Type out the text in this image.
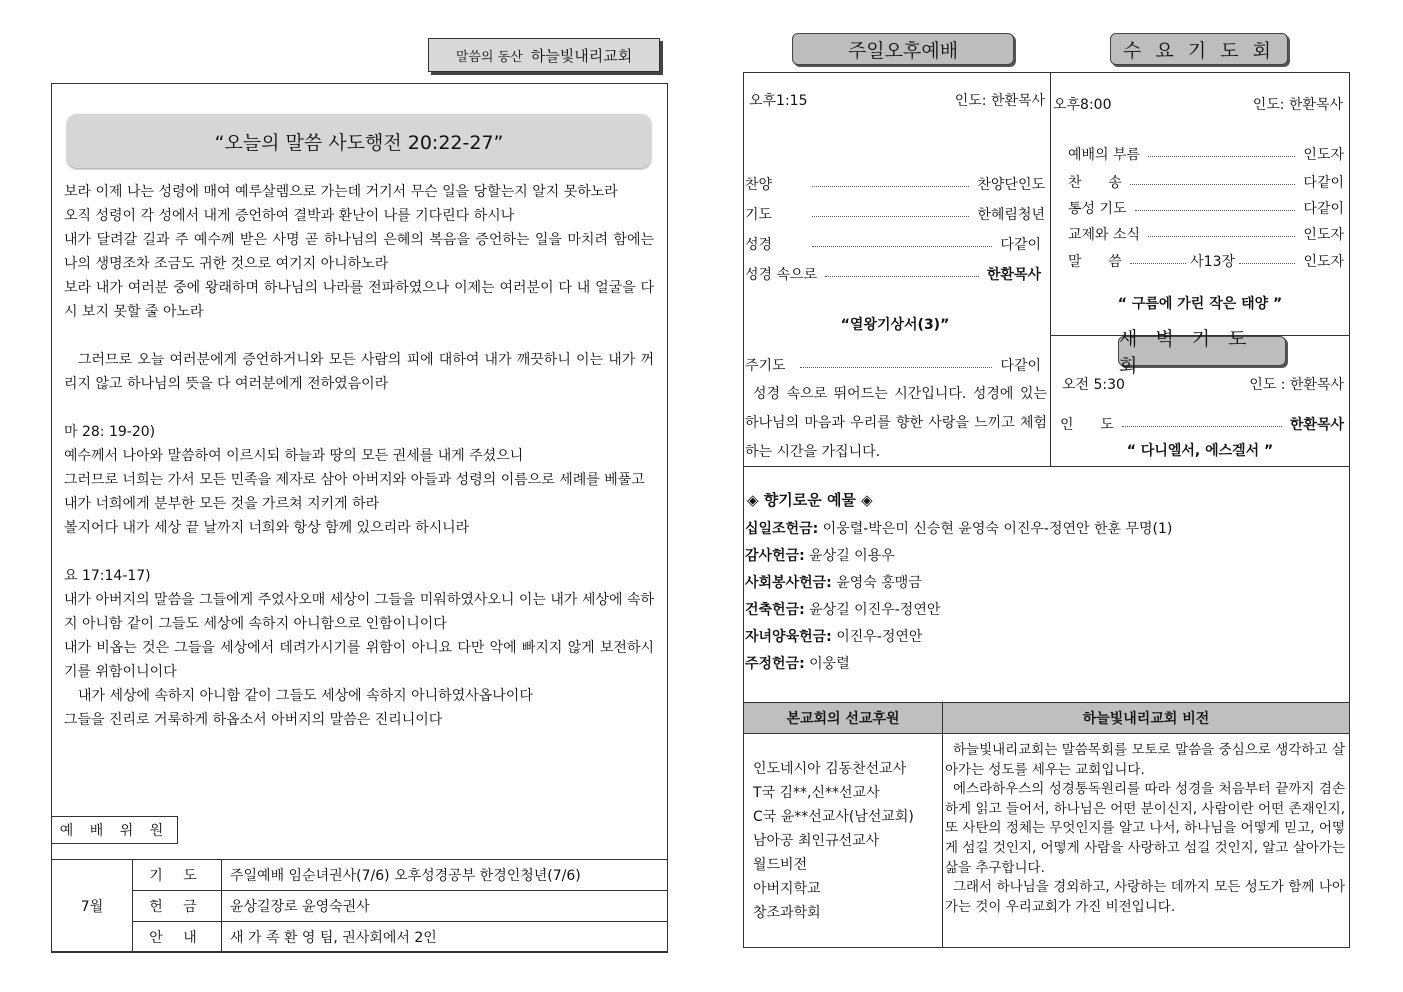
말씀의 동산 하늘빛내리교회
“오늘의 말씀 사도행전 20:22-27”

보라 이제 나는 성령에 매여 예루살렘으로 가는데 거기서 무슨 일을 당할는지 알지 못하노라

오직 성령이 각 성에서 내게 증언하여 결박과 환난이 나를 기다린다 하시나

내가 달려갈 길과 주 예수께 받은 사명 곧 하나님의 은혜의 복음을 증언하는 일을 마치려 함에는 나의 생명조차 조금도 귀한 것으로 여기지 아니하노라

보라 내가 여러분 중에 왕래하며 하나님의 나라를 전파하였으나 이제는 여러분이 다 내 얼굴을 다시 보지 못할 줄 아노라

그러므로 오늘 여러분에게 증언하거니와 모든 사람의 피에 대하여 내가 깨끗하니 이는 내가 꺼리지 않고 하나님의 뜻을 다 여러분에게 전하였음이라

마 28: 19-20)

예수께서 나아와 말씀하여 이르시되 하늘과 땅의 모든 권세를 내게 주셨으니

그러므로 너희는 가서 모든 민족을 제자로 삼아 아버지와 아들과 성령의 이름으로 세례를 베풀고

내가 너희에게 분부한 모든 것을 가르쳐 지키게 하라

볼지어다 내가 세상 끝 날까지 너희와 항상 함께 있으리라 하시니라

요 17:14-17)

내가 아버지의 말씀을 그들에게 주었사오매 세상이 그들을 미워하였사오니 이는 내가 세상에 속하지 아니함 같이 그들도 세상에 속하지 아니함으로 인함이니이다

내가 비옵는 것은 그들을 세상에서 데려가시기를 위함이 아니요 다만 악에 빠지지 않게 보전하시기를 위함이니이다

내가 세상에 속하지 아니함 같이 그들도 세상에 속하지 아니하였사옵나이다

그들을 진리로 거룩하게 하옵소서 아버지의 말씀은 진리니이다

예 배 위 원
7월	기 도	주일예배 임순녀권사(7/6) 오후성경공부 한경인청년(7/6)
	헌 금	윤상길장로 윤영숙권사
	안 내	새 가 족 환 영 팀, 권사회에서 2인
주일오후예배	수 요 기 도 회
오후1:15	인도: 한환목사
찬양	찬양단인도
기도	한혜림청년
성경	다같이
성경 속으로	한환목사
“열왕기상서(3)”
주기도	다같이
성경 속으로 뛰어드는 시간입니다. 성경에 있는 하나님의 마음과 우리를 향한 사랑을 느끼고 체험하는 시간을 가집니다.
오후8:00	인도: 한환목사
예배의 부름	인도자
찬      송	다같이
통성 기도	다같이
교제와 소식	인도자
말      씀	사13장	인도자
“ 구름에 가린 작은 태양 ”
새 벽 기 도 회
오전 5:30	인도 : 한환목사
인      도	한환목사
“ 다니엘서, 에스겔서 ”
◈ 향기로운 예물 ◈
십일조헌금: 이웅렬-박은미 신승현 윤영숙 이진우-정연안 한훈 무명(1)
감사헌금: 윤상길 이용우
사회봉사헌금: 윤영숙 홍맹금
건축헌금: 윤상길 이진우-정연안
자녀양육헌금: 이진우-정연안
주정헌금: 이웅렬
본교회의 선교후원	하늘빛내리교회 비전
인도네시아 김동찬선교사
T국 김**,신**선교사
C국 윤**선교사(남선교회)
남아공 최인규선교사
월드비전
아버지학교
창조과학회
하늘빛내리교회는 말씀목회를 모토로 말씀을 중심으로 생각하고 살아가는 성도를 세우는 교회입니다.
에스라하우스의 성경통독원리를 따라 성경을 처음부터 끝까지 겸손하게 읽고 들어서, 하나님은 어떤 분이신지, 사람이란 어떤 존재인지, 또 사탄의 정체는 무엇인지를 알고 나서, 하나님을 어떻게 믿고, 어떻게 섬길 것인지, 어떻게 사람을 사랑하고 섬길 것인지, 알고 살아가는 삶을 추구합니다.
그래서 하나님을 경외하고, 사랑하는 데까지 모든 성도가 함께 나아가는 것이 우리교회가 가진 비전입니다.
